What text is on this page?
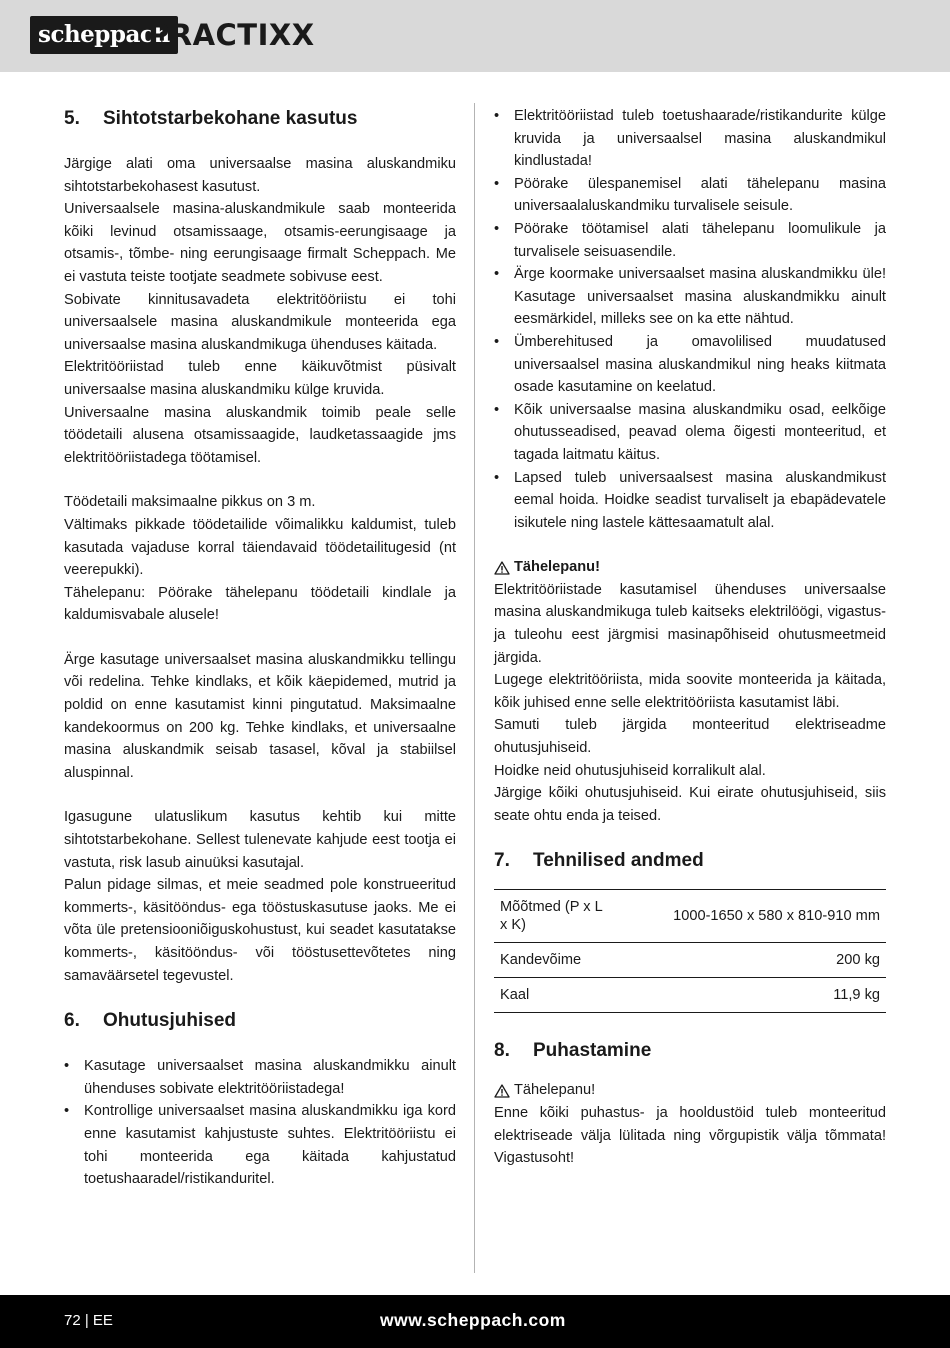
scheppach
PRACTIXX
5.	Sihtotstarbekohane kasutus
Järgige alati oma universaalse masina aluskandmiku sihtotstarbekohasest kasutust.
Universaalsele masina-aluskandmikule saab monteerida kõiki levinud otsamissaage, otsamis-eerungisaage ja otsamis-, tõmbe- ning eerungisaage firmalt Scheppach. Me ei vastuta teiste tootjate seadmete sobivuse eest.
Sobivate kinnitusavadeta elektritööriistu ei tohi universaalsele masina aluskandmikule monteerida ega universaalse masina aluskandmikuga ühenduses käitada.
Elektritööriistad tuleb enne käikuvõtmist püsivalt universaalse masina aluskandmiku külge kruvida.
Universaalne masina aluskandmik toimib peale selle töödetaili alusena otsamissaagide, laudketassaagide jms elektritööriistadega töötamisel.
Töödetaili maksimaalne pikkus on 3 m.
Vältimaks pikkade töödetailide võimalikku kaldumist, tuleb kasutada vajaduse korral täiendavaid töödetailitugesid (nt veerepukki).
Tähelepanu: Pöörake tähelepanu töödetaili kindlale ja kaldumisvabale alusele!
Ärge kasutage universaalset masina aluskandmikku tellingu või redelina. Tehke kindlaks, et kõik käepidemed, mutrid ja poldid on enne kasutamist kinni pingutatud. Maksimaalne kandekoormus on 200 kg. Tehke kindlaks, et universaalne masina aluskandmik seisab tasasel, kõval ja stabiilsel aluspinnal.
Igasugune ulatuslikum kasutus kehtib kui mitte sihtotstarbekohane. Sellest tulenevate kahjude eest tootja ei vastuta, risk lasub ainuüksi kasutajal.
Palun pidage silmas, et meie seadmed pole konstrueeritud kommerts-, käsitööndus- ega tööstuskasutuse jaoks. Me ei võta üle pretensiooniõiguskohustust, kui seadet kasutatakse kommerts-, käsitööndus- või tööstusettevõtetes ning samaväärsetel tegevustel.
6.	Ohutusjuhised
• Kasutage universaalset masina aluskandmikku ainult ühenduses sobivate elektritööriistadega!
• Kontrollige universaalset masina aluskandmikku iga kord enne kasutamist kahjustuste suhtes. Elektritööriistu ei tohi monteerida ega käitada kahjustatud toetushaaradel/ristikanduritel.
• Elektritööriistad tuleb toetushaarade/ristikandurite külge kruvida ja universaalsel masina aluskandmikul kindlustada!
• Pöörake ülespanemisel alati tähelepanu masina universaalaluskandmiku turvalisele seisule.
• Pöörake töötamisel alati tähelepanu loomulikule ja turvalisele seisuasendile.
• Ärge koormake universaalset masina aluskandmikku üle! Kasutage universaalset masina aluskandmikku ainult eesmärkidel, milleks see on ka ette nähtud.
• Ümberehitused ja omavolilised muudatused universaalsel masina aluskandmikul ning heaks kiitmata osade kasutamine on keelatud.
• Kõik universaalse masina aluskandmiku osad, eelkõige ohutusseadised, peavad olema õigesti monteeritud, et tagada laitmatu käitus.
• Lapsed tuleb universaalsest masina aluskandmikust eemal hoida. Hoidke seadist turvaliselt ja ebapädevatele isikutele ning lastele kättesaamatult alal.
Tähelepanu!
Elektritööriistade kasutamisel ühenduses universaalse masina aluskandmikuga tuleb kaitseks elektrilöögi, vigastus- ja tuleohu eest järgmisi masinapõhiseid ohutusmeetmeid järgida.
Lugege elektritööriista, mida soovite monteerida ja käitada, kõik juhised enne selle elektritööriista kasutamist läbi.
Samuti tuleb järgida monteeritud elektriseadme ohutusjuhiseid.
Hoidke neid ohutusjuhiseid korralikult alal.
Järgige kõiki ohutusjuhiseid. Kui eirate ohutusjuhiseid, siis seate ohtu enda ja teised.
7.	Tehnilised andmed
Mõõtmed (P x L x K)	1000-1650 x 580 x 810-910 mm
Kandevõime	200 kg
Kaal	11,9 kg
8.	Puhastamine
Tähelepanu!
Enne kõiki puhastus- ja hooldustöid tuleb monteeritud elektriseade välja lülitada ning võrgupistik välja tõmmata! Vigastusoht!
72 | EE	www.scheppach.com
